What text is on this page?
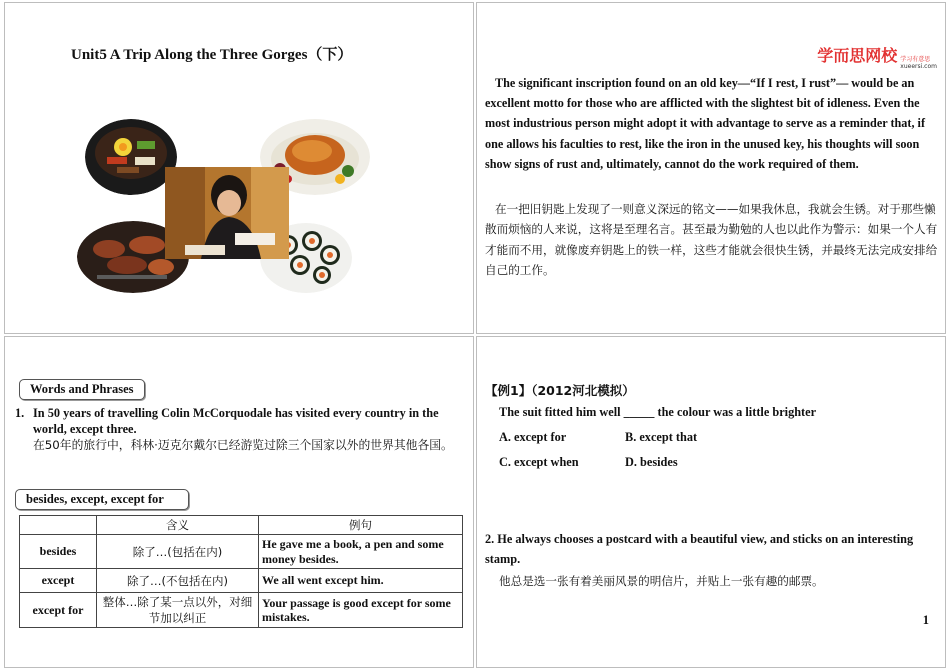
Unit5 A Trip Along the Three Gorges（下）	学而思网校 学习有意思
xueersi.com
The significant inscription found on an old key—“If I rest, I rust”— would be an excellent motto for those who are afflicted with the slightest bit of idleness. Even the most industrious person might adopt it with advantage to serve as a reminder that, if one allows his faculties to rest, like the iron in the unused key, his thoughts will soon show signs of rust and, ultimately, cannot do the work required of them.
在一把旧钥匙上发现了一则意义深远的铭文——如果我休息，我就会生锈。对于那些懒散而烦恼的人来说，这将是至理名言。甚至最为勤勉的人也以此作为警示：如果一个人有才能而不用，就像废弃钥匙上的铁一样，这些才能就会很快生锈，并最终无法完成安排给自己的工作。
Words and Phrases
1. In 50 years of travelling Colin McCorquodale has visited every country in the world, except three.
在50年的旅行中，科林·迈克尔戴尔已经游览过除三个国家以外的世界其他各国。
besides, except, except for
	含义	例句
besides	除了…(包括在内)	He gave me a book, a pen and some money besides.
except	除了…(不包括在内)	We all went except him.
except for	整体…除了某一点以外，对细节加以纠正	Your passage is good except for some mistakes.
【例1】（2012河北模拟）
The suit fitted him well _____ the colour was a little brighter
A. except for	B. except that
C. except when	D. besides
2. He always chooses a postcard with a beautiful view, and sticks on an interesting stamp.
他总是选一张有着美丽风景的明信片，并贴上一张有趣的邮票。
1
